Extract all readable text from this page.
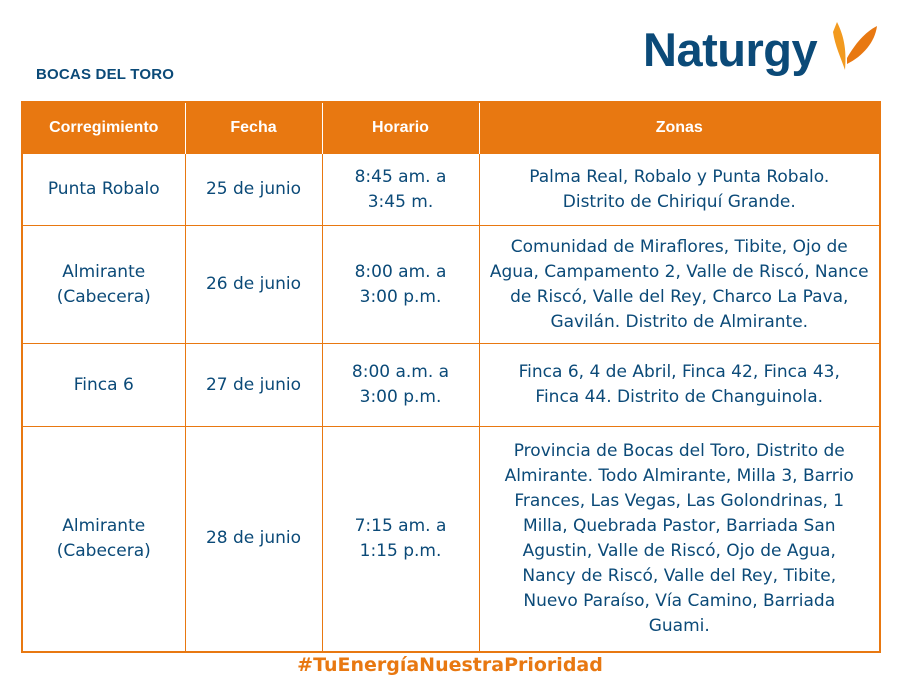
BOCAS DEL TORO	Naturgy
Corregimiento	Fecha	Horario	Zonas
Punta Robalo	25 de junio	8:45 am. a 3:45 m.	Palma Real, Robalo y Punta Robalo. Distrito de Chiriquí Grande.
Almirante (Cabecera)	26 de junio	8:00 am. a 3:00 p.m.	Comunidad de Miraflores, Tibite, Ojo de Agua, Campamento 2, Valle de Riscó, Nance de Riscó, Valle del Rey, Charco La Pava, Gavilán. Distrito de Almirante.
Finca 6	27 de junio	8:00 a.m. a 3:00 p.m.	Finca 6, 4 de Abril, Finca 42, Finca 43, Finca 44. Distrito de Changuinola.
Almirante (Cabecera)	28 de junio	7:15 am. a 1:15 p.m.	Provincia de Bocas del Toro, Distrito de Almirante. Todo Almirante, Milla 3, Barrio Frances, Las Vegas, Las Golondrinas, 1 Milla, Quebrada Pastor, Barriada San Agustin, Valle de Riscó, Ojo de Agua, Nancy de Riscó, Valle del Rey, Tibite, Nuevo Paraíso, Vía Camino, Barriada Guami.
#TuEnergíaNuestraPrioridad
